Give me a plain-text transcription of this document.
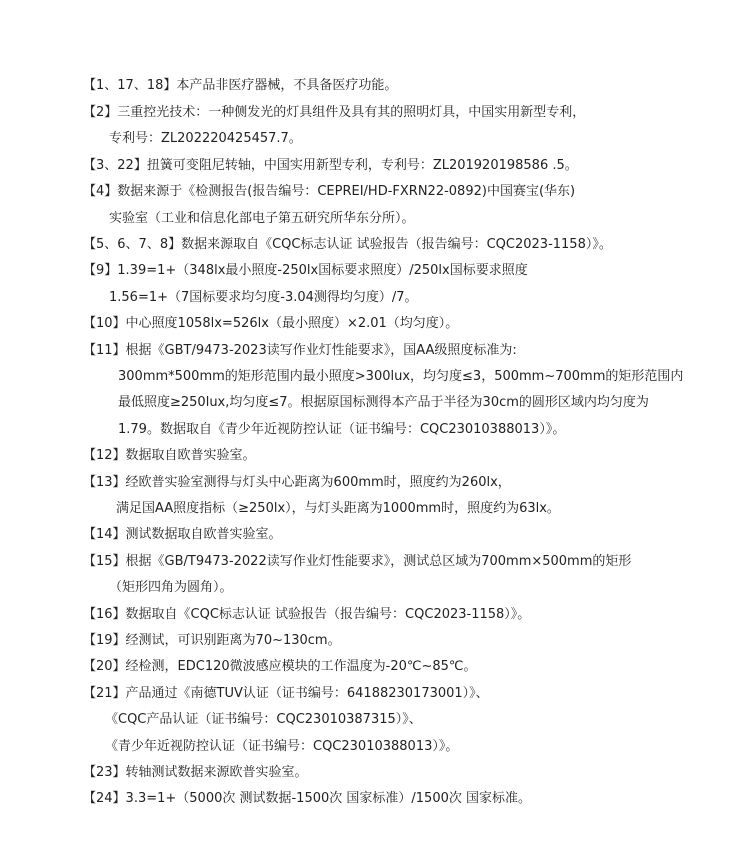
【1、17、18】本产品非医疗器械，不具备医疗功能。
【2】三重控光技术：一种侧发光的灯具组件及具有其的照明灯具，中国实用新型专利，
专利号：ZL202220425457.7。
【3、22】扭簧可变阻尼转轴，中国实用新型专利，专利号：ZL201920198586 .5。
【4】数据来源于《检测报告(报告编号：CEPREI/HD-FXRN22-0892)中国赛宝(华东)
实验室（工业和信息化部电子第五研究所华东分所）。
【5、6、7、8】数据来源取自《CQC标志认证 试验报告（报告编号：CQC2023-1158）》。
【9】1.39=1+（348lx最小照度-250lx国标要求照度）/250lx国标要求照度
1.56=1+（7国标要求均匀度-3.04测得均匀度）/7。
【10】中心照度1058lx=526lx（最小照度）×2.01（均匀度）。
【11】根据《GBT/9473-2023读写作业灯性能要求》，国AA级照度标准为:
300mm*500mm的矩形范围内最小照度>300lux，均匀度≤3，500mm~700mm的矩形范围内
最低照度≥250lux,均匀度≤7。根据原国标测得本产品于半径为30cm的圆形区域内均匀度为
1.79。数据取自《青少年近视防控认证（证书编号：CQC23010388013）》。
【12】数据取自欧普实验室。
【13】经欧普实验室测得与灯头中心距离为600mm时，照度约为260lx，
满足国AA照度指标（≥250lx），与灯头距离为1000mm时，照度约为63lx。
【14】测试数据取自欧普实验室。
【15】根据《GB/T9473-2022读写作业灯性能要求》，测试总区域为700mm×500mm的矩形
（矩形四角为圆角）。
【16】数据取自《CQC标志认证 试验报告（报告编号：CQC2023-1158）》。
【19】经测试，可识别距离为70~130cm。
【20】经检测，EDC120微波感应模块的工作温度为-20℃~85℃。
【21】产品通过《南德TUV认证（证书编号：64188230173001）》、
《CQC产品认证（证书编号：CQC23010387315）》、
《青少年近视防控认证（证书编号：CQC23010388013）》。
【23】转轴测试数据来源欧普实验室。
【24】3.3=1+（5000次 测试数据-1500次 国家标准）/1500次 国家标准。
